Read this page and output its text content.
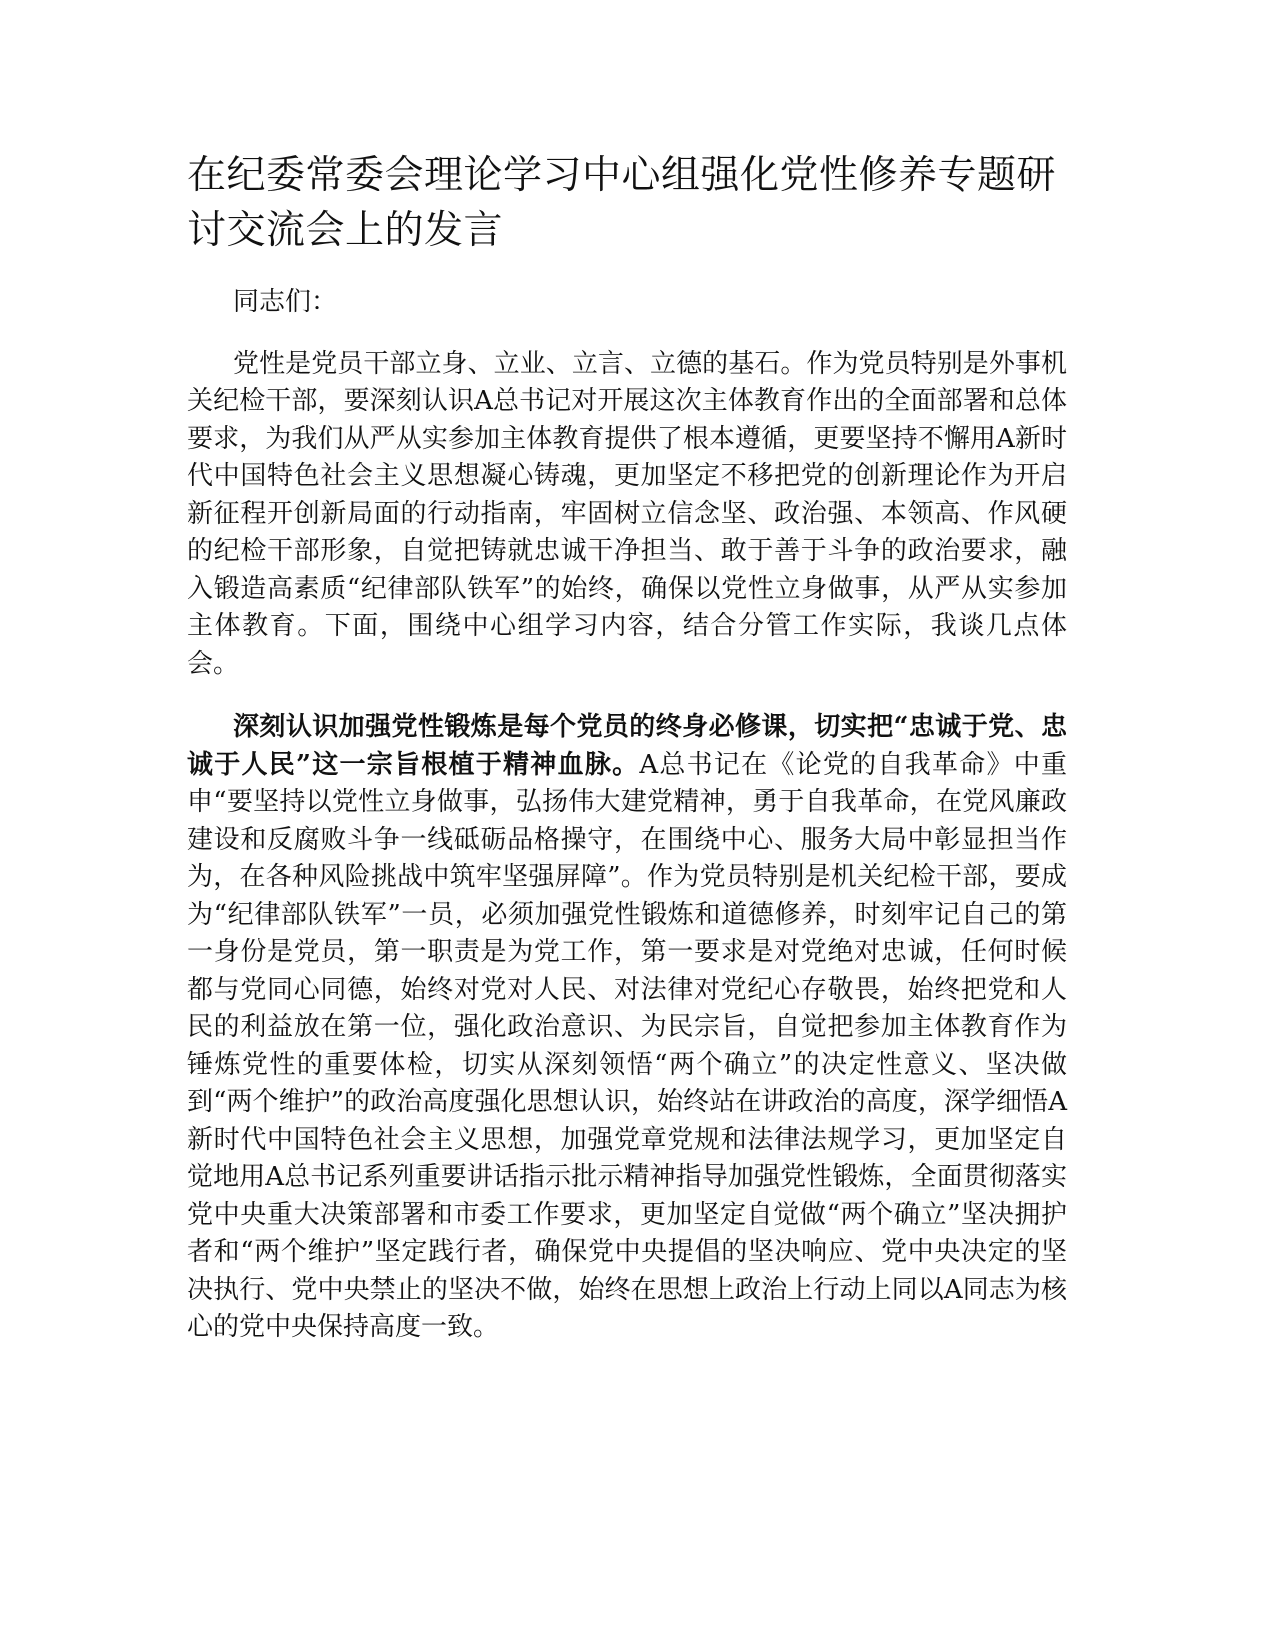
在纪委常委会理论学习中心组强化党性修养专题研讨交流会上的发言

同志们：

党性是党员干部立身、立业、立言、立德的基石。作为党员特别是外事机关纪检干部，要深刻认识A总书记对开展这次主体教育作出的全面部署和总体要求，为我们从严从实参加主体教育提供了根本遵循，更要坚持不懈用A新时代中国特色社会主义思想凝心铸魂，更加坚定不移把党的创新理论作为开启新征程开创新局面的行动指南，牢固树立信念坚、政治强、本领高、作风硬的纪检干部形象，自觉把铸就忠诚干净担当、敢于善于斗争的政治要求，融入锻造高素质“纪律部队铁军”的始终，确保以党性立身做事，从严从实参加主体教育。下面，围绕中心组学习内容，结合分管工作实际，我谈几点体会。

深刻认识加强党性锻炼是每个党员的终身必修课，切实把“忠诚于党、忠诚于人民”这一宗旨根植于精神血脉。A总书记在《论党的自我革命》中重申“要坚持以党性立身做事，弘扬伟大建党精神，勇于自我革命，在党风廉政建设和反腐败斗争一线砥砺品格操守，在围绕中心、服务大局中彰显担当作为，在各种风险挑战中筑牢坚强屏障”。作为党员特别是机关纪检干部，要成为“纪律部队铁军”一员，必须加强党性锻炼和道德修养，时刻牢记自己的第一身份是党员，第一职责是为党工作，第一要求是对党绝对忠诚，任何时候都与党同心同德，始终对党对人民、对法律对党纪心存敬畏，始终把党和人民的利益放在第一位，强化政治意识、为民宗旨，自觉把参加主体教育作为锤炼党性的重要体检，切实从深刻领悟“两个确立”的决定性意义、坚决做到“两个维护”的政治高度强化思想认识，始终站在讲政治的高度，深学细悟A新时代中国特色社会主义思想，加强党章党规和法律法规学习，更加坚定自觉地用A总书记系列重要讲话指示批示精神指导加强党性锻炼，全面贯彻落实党中央重大决策部署和市委工作要求，更加坚定自觉做“两个确立”坚决拥护者和“两个维护”坚定践行者，确保党中央提倡的坚决响应、党中央决定的坚决执行、党中央禁止的坚决不做，始终在思想上政治上行动上同以A同志为核心的党中央保持高度一致。
